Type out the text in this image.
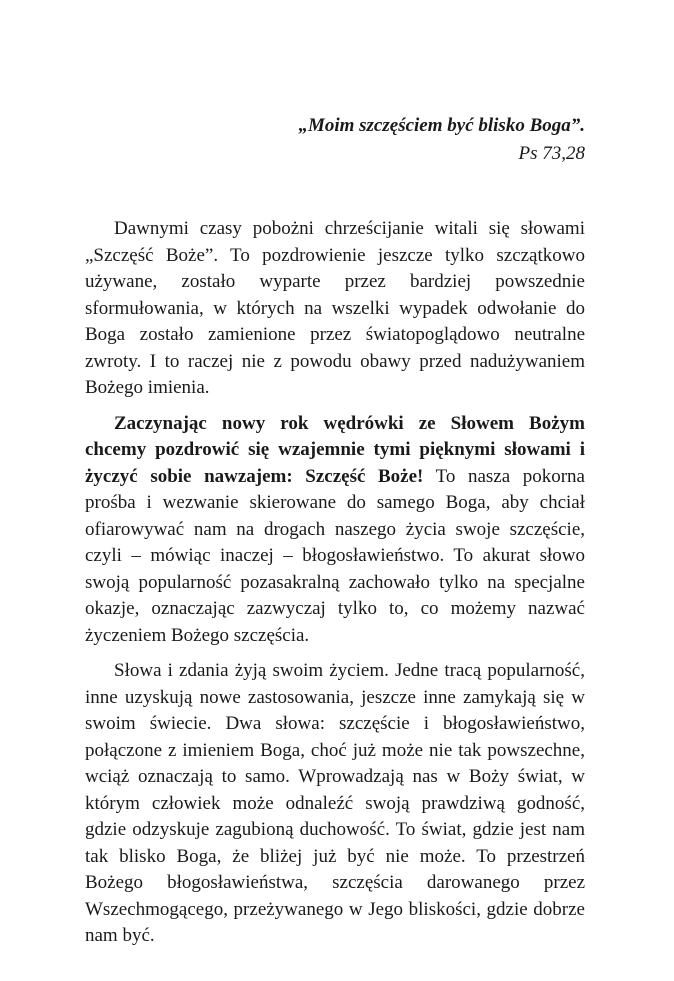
„Moim szczęściem być blisko Boga”.
Ps 73,28

Dawnymi czasy pobożni chrześcijanie witali się słowami „Szczęść Boże”. To pozdrowienie jeszcze tylko szczątkowo używane, zostało wyparte przez bardziej powszednie sformułowania, w których na wszelki wypadek odwołanie do Boga zostało zamienione przez światopoglądowo neutralne zwroty. I to raczej nie z powodu obawy przed nadużywaniem Bożego imienia.

Zaczynając nowy rok wędrówki ze Słowem Bożym chcemy pozdrowić się wzajemnie tymi pięknymi słowami i życzyć sobie nawzajem: Szczęść Boże! To nasza pokorna prośba i wezwanie skierowane do samego Boga, aby chciał ofiarowywać nam na drogach naszego życia swoje szczęście, czyli – mówiąc inaczej – błogosławieństwo. To akurat słowo swoją popularność pozasakralną zachowało tylko na specjalne okazje, oznaczając zazwyczaj tylko to, co możemy nazwać życzeniem Bożego szczęścia.

Słowa i zdania żyją swoim życiem. Jedne tracą popularność, inne uzyskują nowe zastosowania, jeszcze inne zamykają się w swoim świecie. Dwa słowa: szczęście i błogosławieństwo, połączone z imieniem Boga, choć już może nie tak powszechne, wciąż oznaczają to samo. Wprowadzają nas w Boży świat, w którym człowiek może odnaleźć swoją prawdziwą godność, gdzie odzyskuje zagubioną duchowość. To świat, gdzie jest nam tak blisko Boga, że bliżej już być nie może. To przestrzeń Bożego błogosławieństwa, szczęścia darowanego przez Wszechmogącego, przeżywanego w Jego bliskości, gdzie dobrze nam być.
